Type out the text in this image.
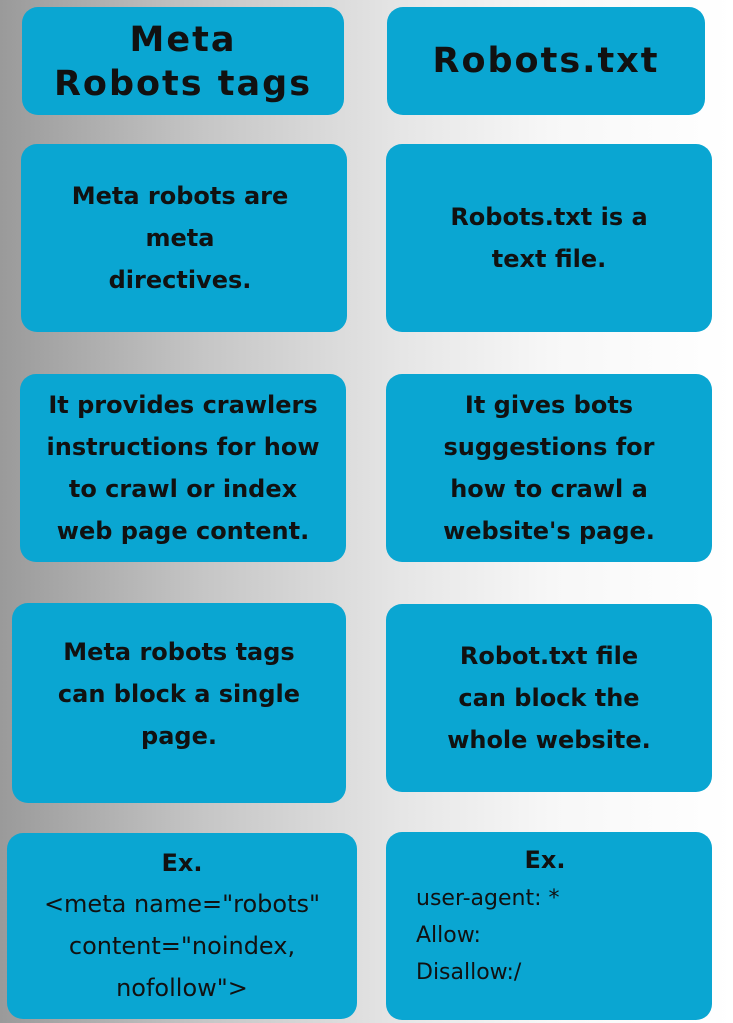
Meta
Robots tags
Robots.txt
Meta robots are
meta
directives.
Robots.txt is a
text file.
It provides crawlers
instructions for how
to crawl or index
web page content.
It gives bots
suggestions for
how to crawl a
website's page.
Meta robots tags
can block a single
page.
Robot.txt file
can block the
whole website.
Ex.
<meta name="robots"
content="noindex,
nofollow">
Ex.
user-agent: *
Allow:
Disallow:/
